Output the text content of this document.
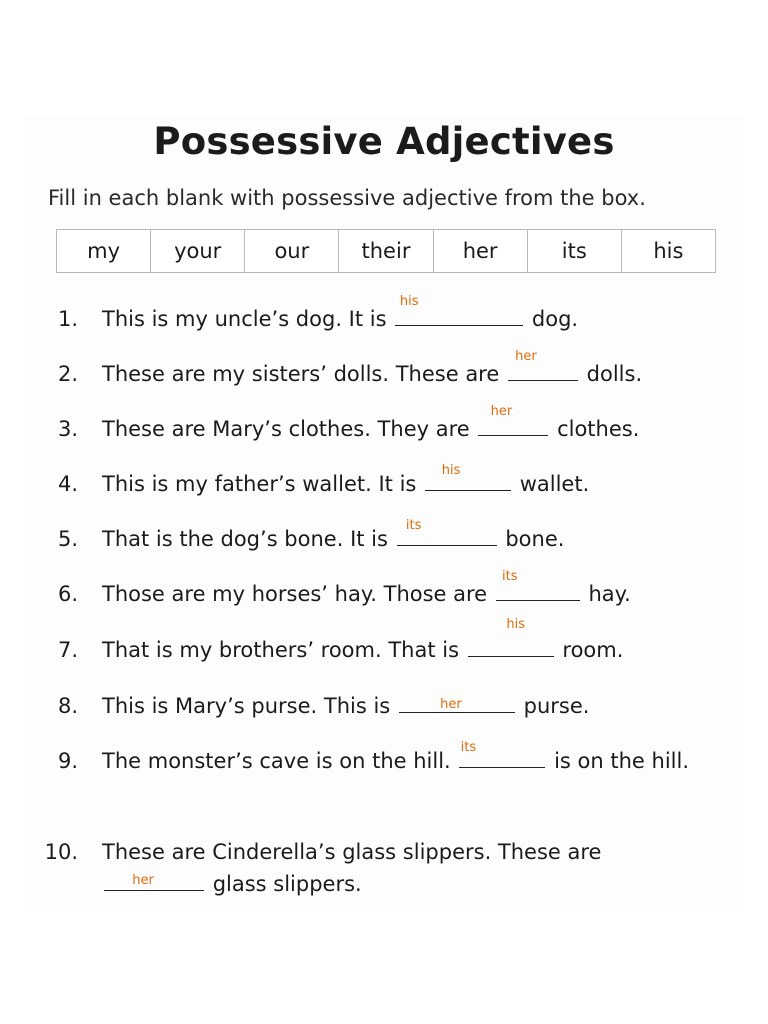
Possessive Adjectives
Fill in each blank with possessive adjective from the box.
my	your	our	their	her	its	his
1. This is my uncle’s dog. It is
his
dog.
2. These are my sisters’ dolls. These are
her
dolls.
3. These are Mary’s clothes. They are
her
clothes.
4. This is my father’s wallet. It is
his
wallet.
5. That is the dog’s bone. It is
its
bone.
6. Those are my horses’ hay. Those are
its
hay.
7. That is my brothers’ room. That is
his
room.
8. This is Mary’s purse. This is	her	purse.
9. The monster’s cave is on the hill.
its
is on the hill.
10. These are Cinderella’s glass slippers. These are
her	glass slippers.
